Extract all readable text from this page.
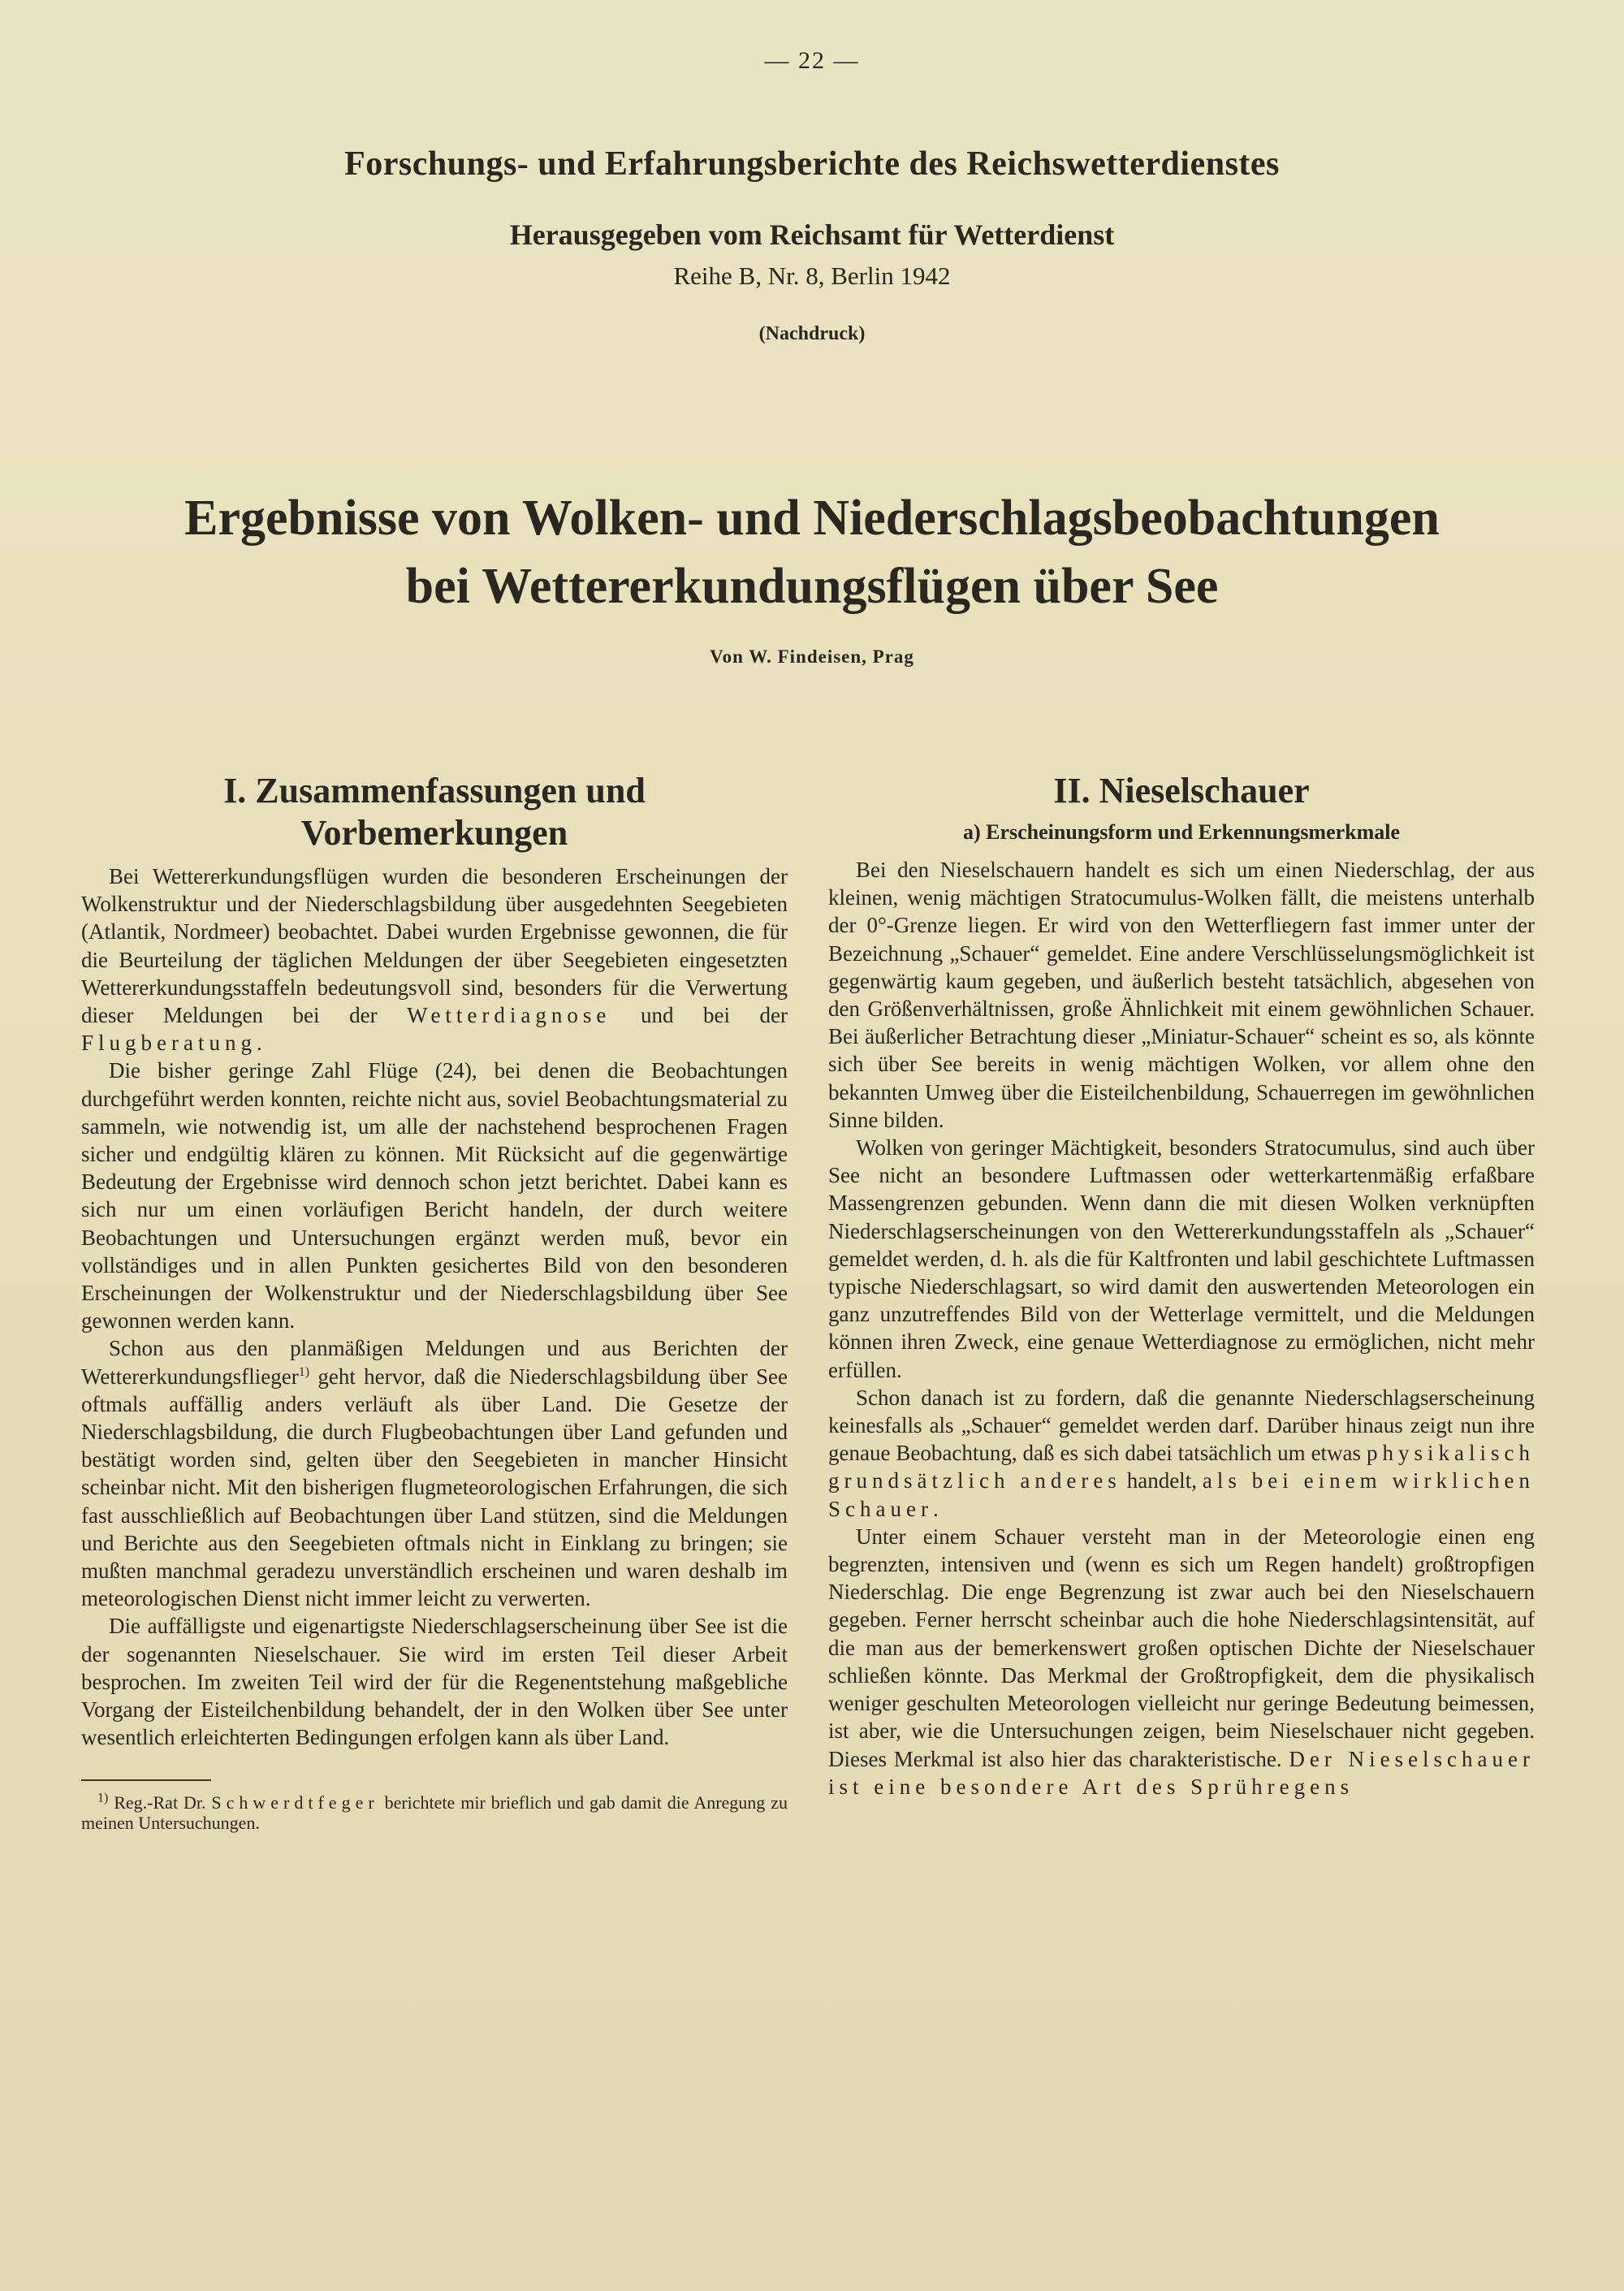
— 22 —
Forschungs- und Erfahrungsberichte des Reichswetterdienstes
Herausgegeben vom Reichsamt für Wetterdienst
Reihe B, Nr. 8, Berlin 1942
(Nachdruck)
Ergebnisse von Wolken- und Niederschlagsbeobachtungen
bei Wettererkundungsflügen über See
Von W. Findeisen, Prag
I. Zusammenfassungen und
Vorbemerkungen

Bei Wettererkundungsflügen wurden die besonderen Erscheinungen der Wolkenstruktur und der Niederschlagsbildung über ausgedehnten Seegebieten (Atlantik, Nordmeer) beobachtet. Dabei wurden Ergebnisse gewonnen, die für die Beurteilung der täglichen Meldungen der über Seegebieten eingesetzten Wettererkundungsstaffeln bedeutungsvoll sind, besonders für die Verwertung dieser Meldungen bei der Wetterdiagnose und bei der Flugberatung.

Die bisher geringe Zahl Flüge (24), bei denen die Beobachtungen durchgeführt werden konnten, reichte nicht aus, soviel Beobachtungsmaterial zu sammeln, wie notwendig ist, um alle der nachstehend besprochenen Fragen sicher und endgültig klären zu können. Mit Rücksicht auf die gegenwärtige Bedeutung der Ergebnisse wird dennoch schon jetzt berichtet. Dabei kann es sich nur um einen vorläufigen Bericht handeln, der durch weitere Beobachtungen und Untersuchungen ergänzt werden muß, bevor ein vollständiges und in allen Punkten gesichertes Bild von den besonderen Erscheinungen der Wolkenstruktur und der Niederschlagsbildung über See gewonnen werden kann.

Schon aus den planmäßigen Meldungen und aus Berichten der Wettererkundungsflieger$^{1)}$ geht hervor, daß die Niederschlagsbildung über See oftmals auffällig anders verläuft als über Land. Die Gesetze der Niederschlagsbildung, die durch Flugbeobachtungen über Land gefunden und bestätigt worden sind, gelten über den Seegebieten in mancher Hinsicht scheinbar nicht. Mit den bisherigen flugmeteorologischen Erfahrungen, die sich fast ausschließlich auf Beobachtungen über Land stützen, sind die Meldungen und Berichte aus den Seegebieten oftmals nicht in Einklang zu bringen; sie mußten manchmal geradezu unverständlich erscheinen und waren deshalb im meteorologischen Dienst nicht immer leicht zu verwerten.

Die auffälligste und eigenartigste Niederschlagserscheinung über See ist die der sogenannten Nieselschauer. Sie wird im ersten Teil dieser Arbeit besprochen. Im zweiten Teil wird der für die Regenentstehung maßgebliche Vorgang der Eisteilchenbildung behandelt, der in den Wolken über See unter wesentlich erleichterten Bedingungen erfolgen kann als über Land.

$^{1)}$ Reg.-Rat Dr. Schwerdtfeger berichtete mir brieflich und gab damit die Anregung zu meinen Untersuchungen.
II. Nieselschauer
a) Erscheinungsform und Erkennungsmerkmale

Bei den Nieselschauern handelt es sich um einen Niederschlag, der aus kleinen, wenig mächtigen Stratocumulus-Wolken fällt, die meistens unterhalb der 0°-Grenze liegen. Er wird von den Wetterfliegern fast immer unter der Bezeichnung „Schauer“ gemeldet. Eine andere Verschlüsselungsmöglichkeit ist gegenwärtig kaum gegeben, und äußerlich besteht tatsächlich, abgesehen von den Größenverhältnissen, große Ähnlichkeit mit einem gewöhnlichen Schauer. Bei äußerlicher Betrachtung dieser „Miniatur-Schauer“ scheint es so, als könnte sich über See bereits in wenig mächtigen Wolken, vor allem ohne den bekannten Umweg über die Eisteilchenbildung, Schauerregen im gewöhnlichen Sinne bilden.

Wolken von geringer Mächtigkeit, besonders Stratocumulus, sind auch über See nicht an besondere Luftmassen oder wetterkartenmäßig erfaßbare Massengrenzen gebunden. Wenn dann die mit diesen Wolken verknüpften Niederschlagserscheinungen von den Wettererkundungsstaffeln als „Schauer“ gemeldet werden, d. h. als die für Kaltfronten und labil geschichtete Luftmassen typische Niederschlagsart, so wird damit den auswertenden Meteorologen ein ganz unzutreffendes Bild von der Wetterlage vermittelt, und die Meldungen können ihren Zweck, eine genaue Wetterdiagnose zu ermöglichen, nicht mehr erfüllen.

Schon danach ist zu fordern, daß die genannte Niederschlagserscheinung keinesfalls als „Schauer“ gemeldet werden darf. Darüber hinaus zeigt nun ihre genaue Beobachtung, daß es sich dabei tatsächlich um etwas physikalisch grundsätzlich anderes handelt, als bei einem wirklichen Schauer.

Unter einem Schauer versteht man in der Meteorologie einen eng begrenzten, intensiven und (wenn es sich um Regen handelt) großtropfigen Niederschlag. Die enge Begrenzung ist zwar auch bei den Nieselschauern gegeben. Ferner herrscht scheinbar auch die hohe Niederschlagsintensität, auf die man aus der bemerkenswert großen optischen Dichte der Nieselschauer schließen könnte. Das Merkmal der Großtropfigkeit, dem die physikalisch weniger geschulten Meteorologen vielleicht nur geringe Bedeutung beimessen, ist aber, wie die Untersuchungen zeigen, beim Nieselschauer nicht gegeben. Dieses Merkmal ist also hier das charakteristische. Der Nieselschauer ist eine besondere Art des Sprühregens
